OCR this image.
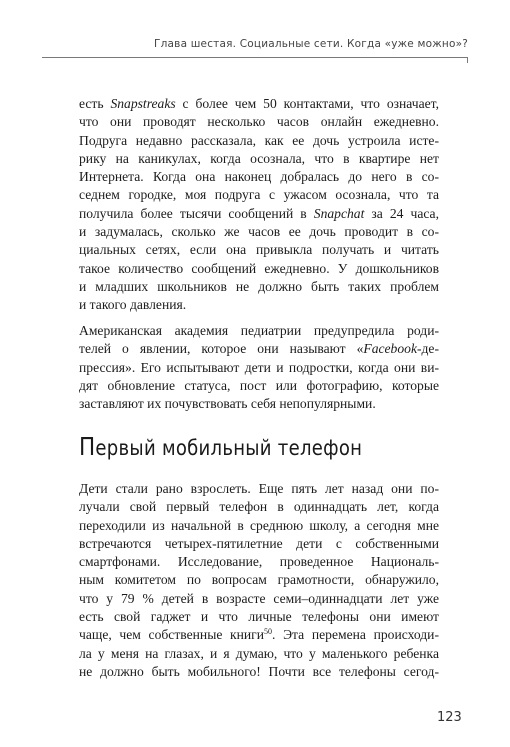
Глава шестая. Социальные сети. Когда «уже можно»?

есть Snapstreaks с более чем 50 контактами, что означает,
что они проводят несколько часов онлайн ежедневно.
Подруга недавно рассказала, как ее дочь устроила исте-
рику на каникулах, когда осознала, что в квартире нет
Интернета. Когда она наконец добралась до него в со-
седнем городке, моя подруга с ужасом осознала, что та
получила более тысячи сообщений в Snapchat за 24 часа,
и задумалась, сколько же часов ее дочь проводит в со-
циальных сетях, если она привыкла получать и читать
такое количество сообщений ежедневно. У дошкольников
и младших школьников не должно быть таких проблем
и такого давления.

Американская академия педиатрии предупредила роди-
телей о явлении, которое они называют «Facebook-де-
прессия». Его испытывают дети и подростки, когда они ви-
дят обновление статуса, пост или фотографию, которые
заставляют их почувствовать себя непопулярными.

Первый мобильный телефон

Дети стали рано взрослеть. Еще пять лет назад они по-
лучали свой первый телефон в одиннадцать лет, когда
переходили из начальной в среднюю школу, а сегодня мне
встречаются четырех-пятилетние дети с собственными
смартфонами. Исследование, проведенное Националь-
ным комитетом по вопросам грамотности, обнаружило,
что у 79 % детей в возрасте семи–одиннадцати лет уже
есть свой гаджет и что личные телефоны они имеют
чаще, чем собственные книги$^{50}$. Эта перемена происходи-
ла у меня на глазах, и я думаю, что у маленького ребенка
не должно быть мобильного! Почти все телефоны сегод-

123
